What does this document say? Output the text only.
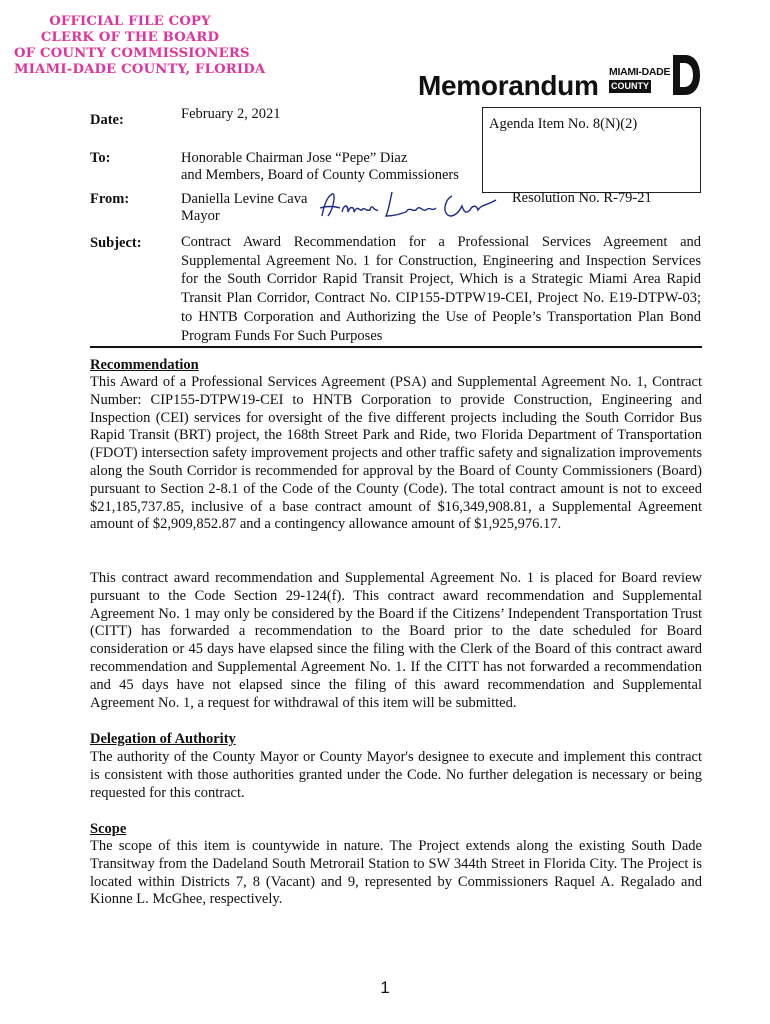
OFFICIAL FILE COPY
CLERK OF THE BOARD
OF COUNTY COMMISSIONERS
MIAMI-DADE COUNTY, FLORIDA
Memorandum MIAMI-DADE
COUNTY
Date:	February 2, 2021
Agenda Item No. 8(N)(2)
To:	Honorable Chairman Jose “Pepe” Diaz
and Members, Board of County Commissioners
From:	Daniella Levine Cava
Mayor
Resolution No. R-79-21
Subject:	Contract Award Recommendation for a Professional Services Agreement and Supplemental Agreement No. 1 for Construction, Engineering and Inspection Services for the South Corridor Rapid Transit Project, Which is a Strategic Miami Area Rapid Transit Plan Corridor, Contract No. CIP155-DTPW19-CEI, Project No. E19-DTPW-03; to HNTB Corporation and Authorizing the Use of People’s Transportation Plan Bond Program Funds For Such Purposes
Recommendation
This Award of a Professional Services Agreement (PSA) and Supplemental Agreement No. 1, Contract Number: CIP155-DTPW19-CEI to HNTB Corporation to provide Construction, Engineering and Inspection (CEI) services for oversight of the five different projects including the South Corridor Bus Rapid Transit (BRT) project, the 168th Street Park and Ride, two Florida Department of Transportation (FDOT) intersection safety improvement projects and other traffic safety and signalization improvements along the South Corridor is recommended for approval by the Board of County Commissioners (Board) pursuant to Section 2-8.1 of the Code of the County (Code). The total contract amount is not to exceed $21,185,737.85, inclusive of a base contract amount of $16,349,908.81, a Supplemental Agreement amount of $2,909,852.87 and a contingency allowance amount of $1,925,976.17.
This contract award recommendation and Supplemental Agreement No. 1 is placed for Board review pursuant to the Code Section 29-124(f). This contract award recommendation and Supplemental Agreement No. 1 may only be considered by the Board if the Citizens’ Independent Transportation Trust (CITT) has forwarded a recommendation to the Board prior to the date scheduled for Board consideration or 45 days have elapsed since the filing with the Clerk of the Board of this contract award recommendation and Supplemental Agreement No. 1. If the CITT has not forwarded a recommendation and 45 days have not elapsed since the filing of this award recommendation and Supplemental Agreement No. 1, a request for withdrawal of this item will be submitted.
Delegation of Authority
The authority of the County Mayor or County Mayor's designee to execute and implement this contract is consistent with those authorities granted under the Code. No further delegation is necessary or being requested for this contract.
Scope
The scope of this item is countywide in nature. The Project extends along the existing South Dade Transitway from the Dadeland South Metrorail Station to SW 344th Street in Florida City. The Project is located within Districts 7, 8 (Vacant) and 9, represented by Commissioners Raquel A. Regalado and Kionne L. McGhee, respectively.
1
